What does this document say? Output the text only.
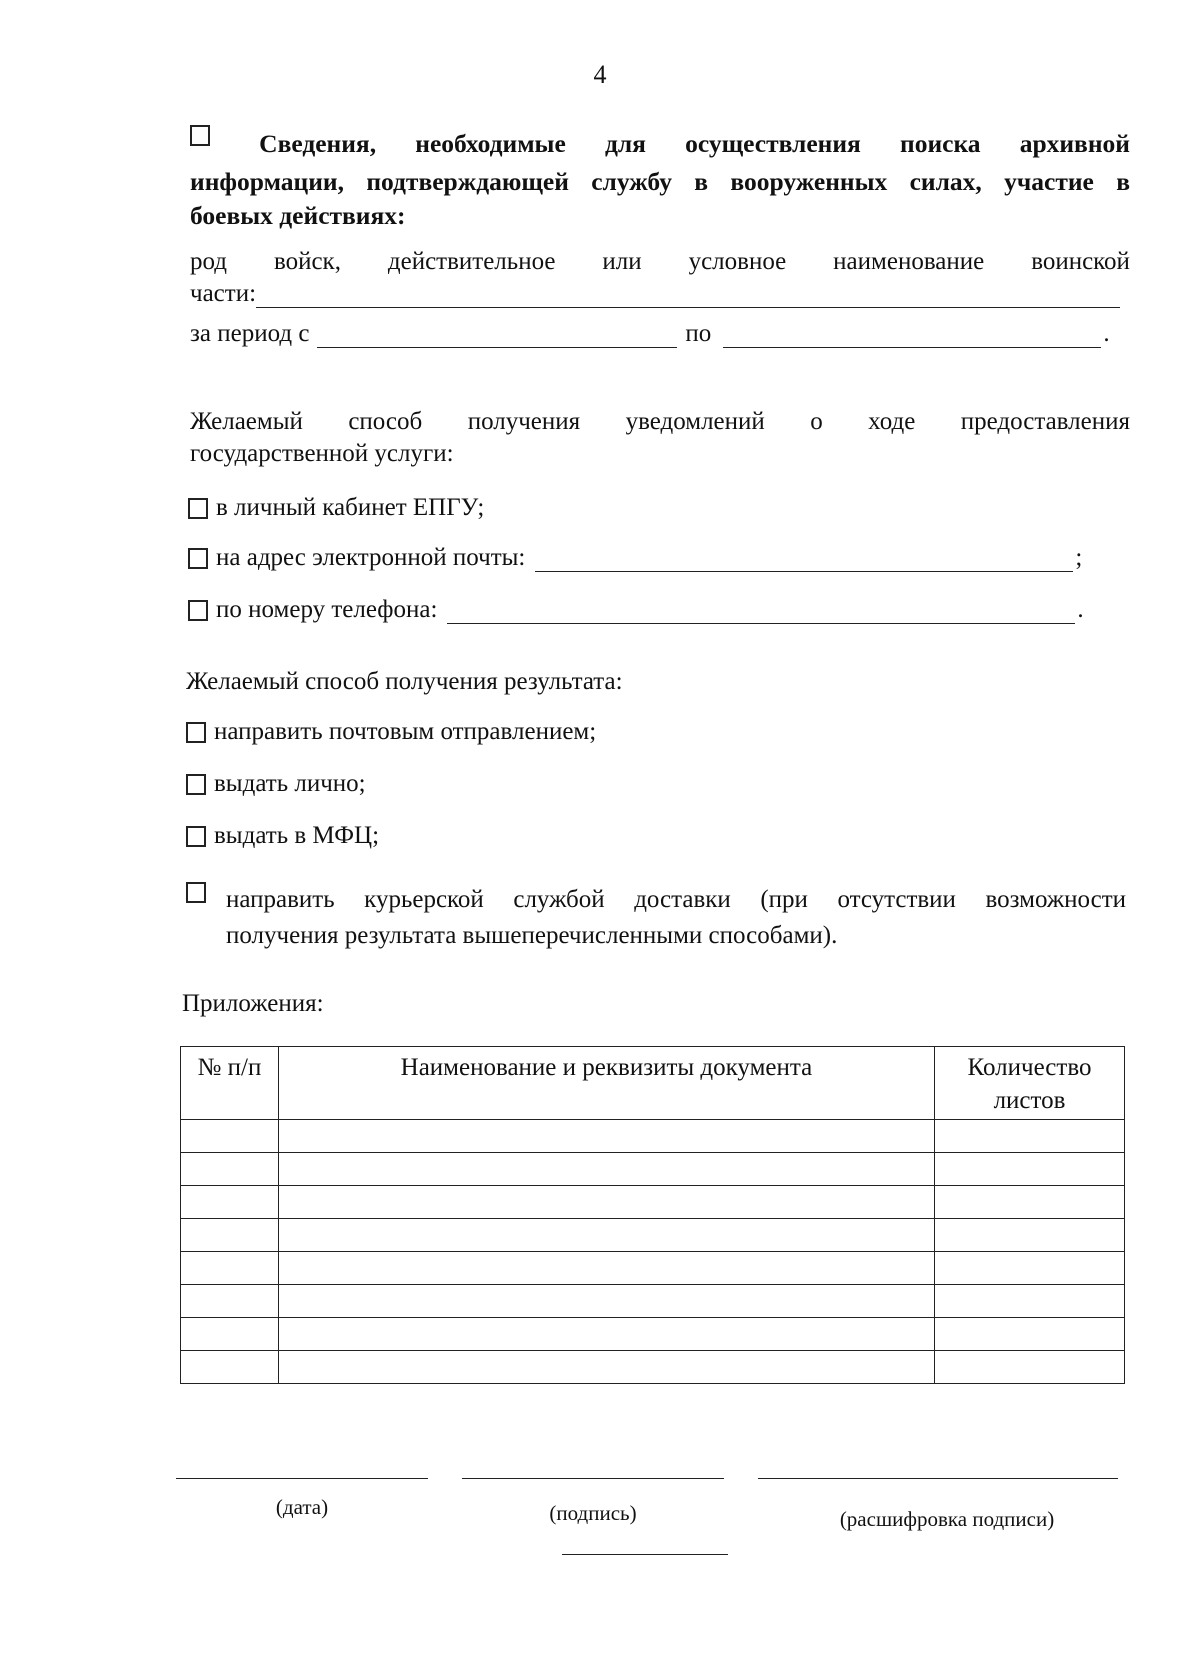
4
Сведения, необходимые для осуществления поиска архивной
информации, подтверждающей службу в вооруженных силах, участие в
боевых действиях:
род войск, действительное или условное наименование воинской
части:
за период с	по	.
Желаемый способ получения уведомлений о ходе предоставления
государственной услуги:
в личный кабинет ЕПГУ;
на адрес электронной почты:	;
по номеру телефона:	.
Желаемый способ получения результата:
направить почтовым отправлением;
выдать лично;
выдать в МФЦ;
направить курьерской службой доставки (при отсутствии возможности
получения результата вышеперечисленными способами).
Приложения:
№ п/п	Наименование и реквизиты документа	Количество листов

(дата)	(подпись)	(расшифровка подписи)
